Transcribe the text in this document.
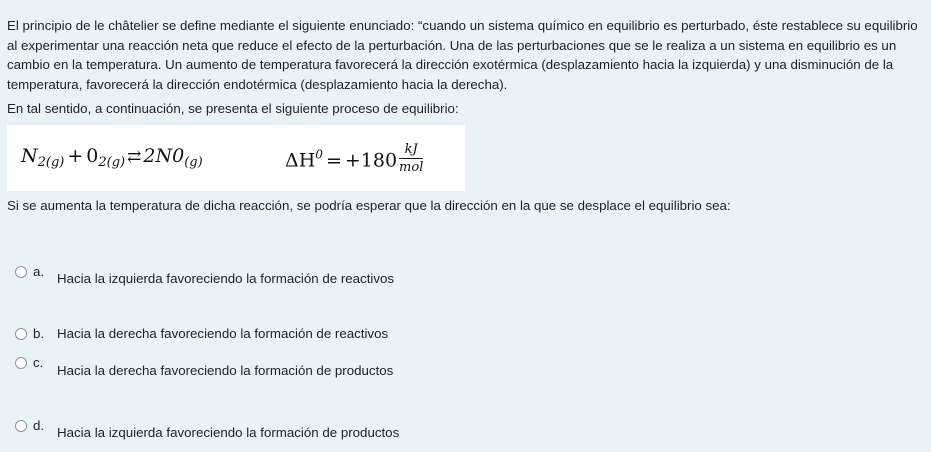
El principio de le châtelier se define mediante el siguiente enunciado: “cuando un sistema químico en equilibrio es perturbado, éste restablece su equilibrio al experimentar una reacción neta que reduce el efecto de la perturbación. Una de las perturbaciones que se le realiza a un sistema en equilibrio es un cambio en la temperatura. Un aumento de temperatura favorecerá la dirección exotérmica (desplazamiento hacia la izquierda) y una disminución de la temperatura, favorecerá la dirección endotérmica (desplazamiento hacia la derecha).

En tal sentido, a continuación, se presenta el siguiente proceso de equilibrio:

$N_{2(g)} + 0_{2(g)}$ ⇄ $2N0_{(g)}$	$\Delta H^0 = +180 \frac{kJ}{\text{mol}}$

Si se aumenta la temperatura de dicha reacción, se podría esperar que la dirección en la que se desplace el equilibrio sea:

a. Hacia la izquierda favoreciendo la formación de reactivos
b. Hacia la derecha favoreciendo la formación de reactivos
c.
Hacia la derecha favoreciendo la formación de productos
d. Hacia la izquierda favoreciendo la formación de productos
